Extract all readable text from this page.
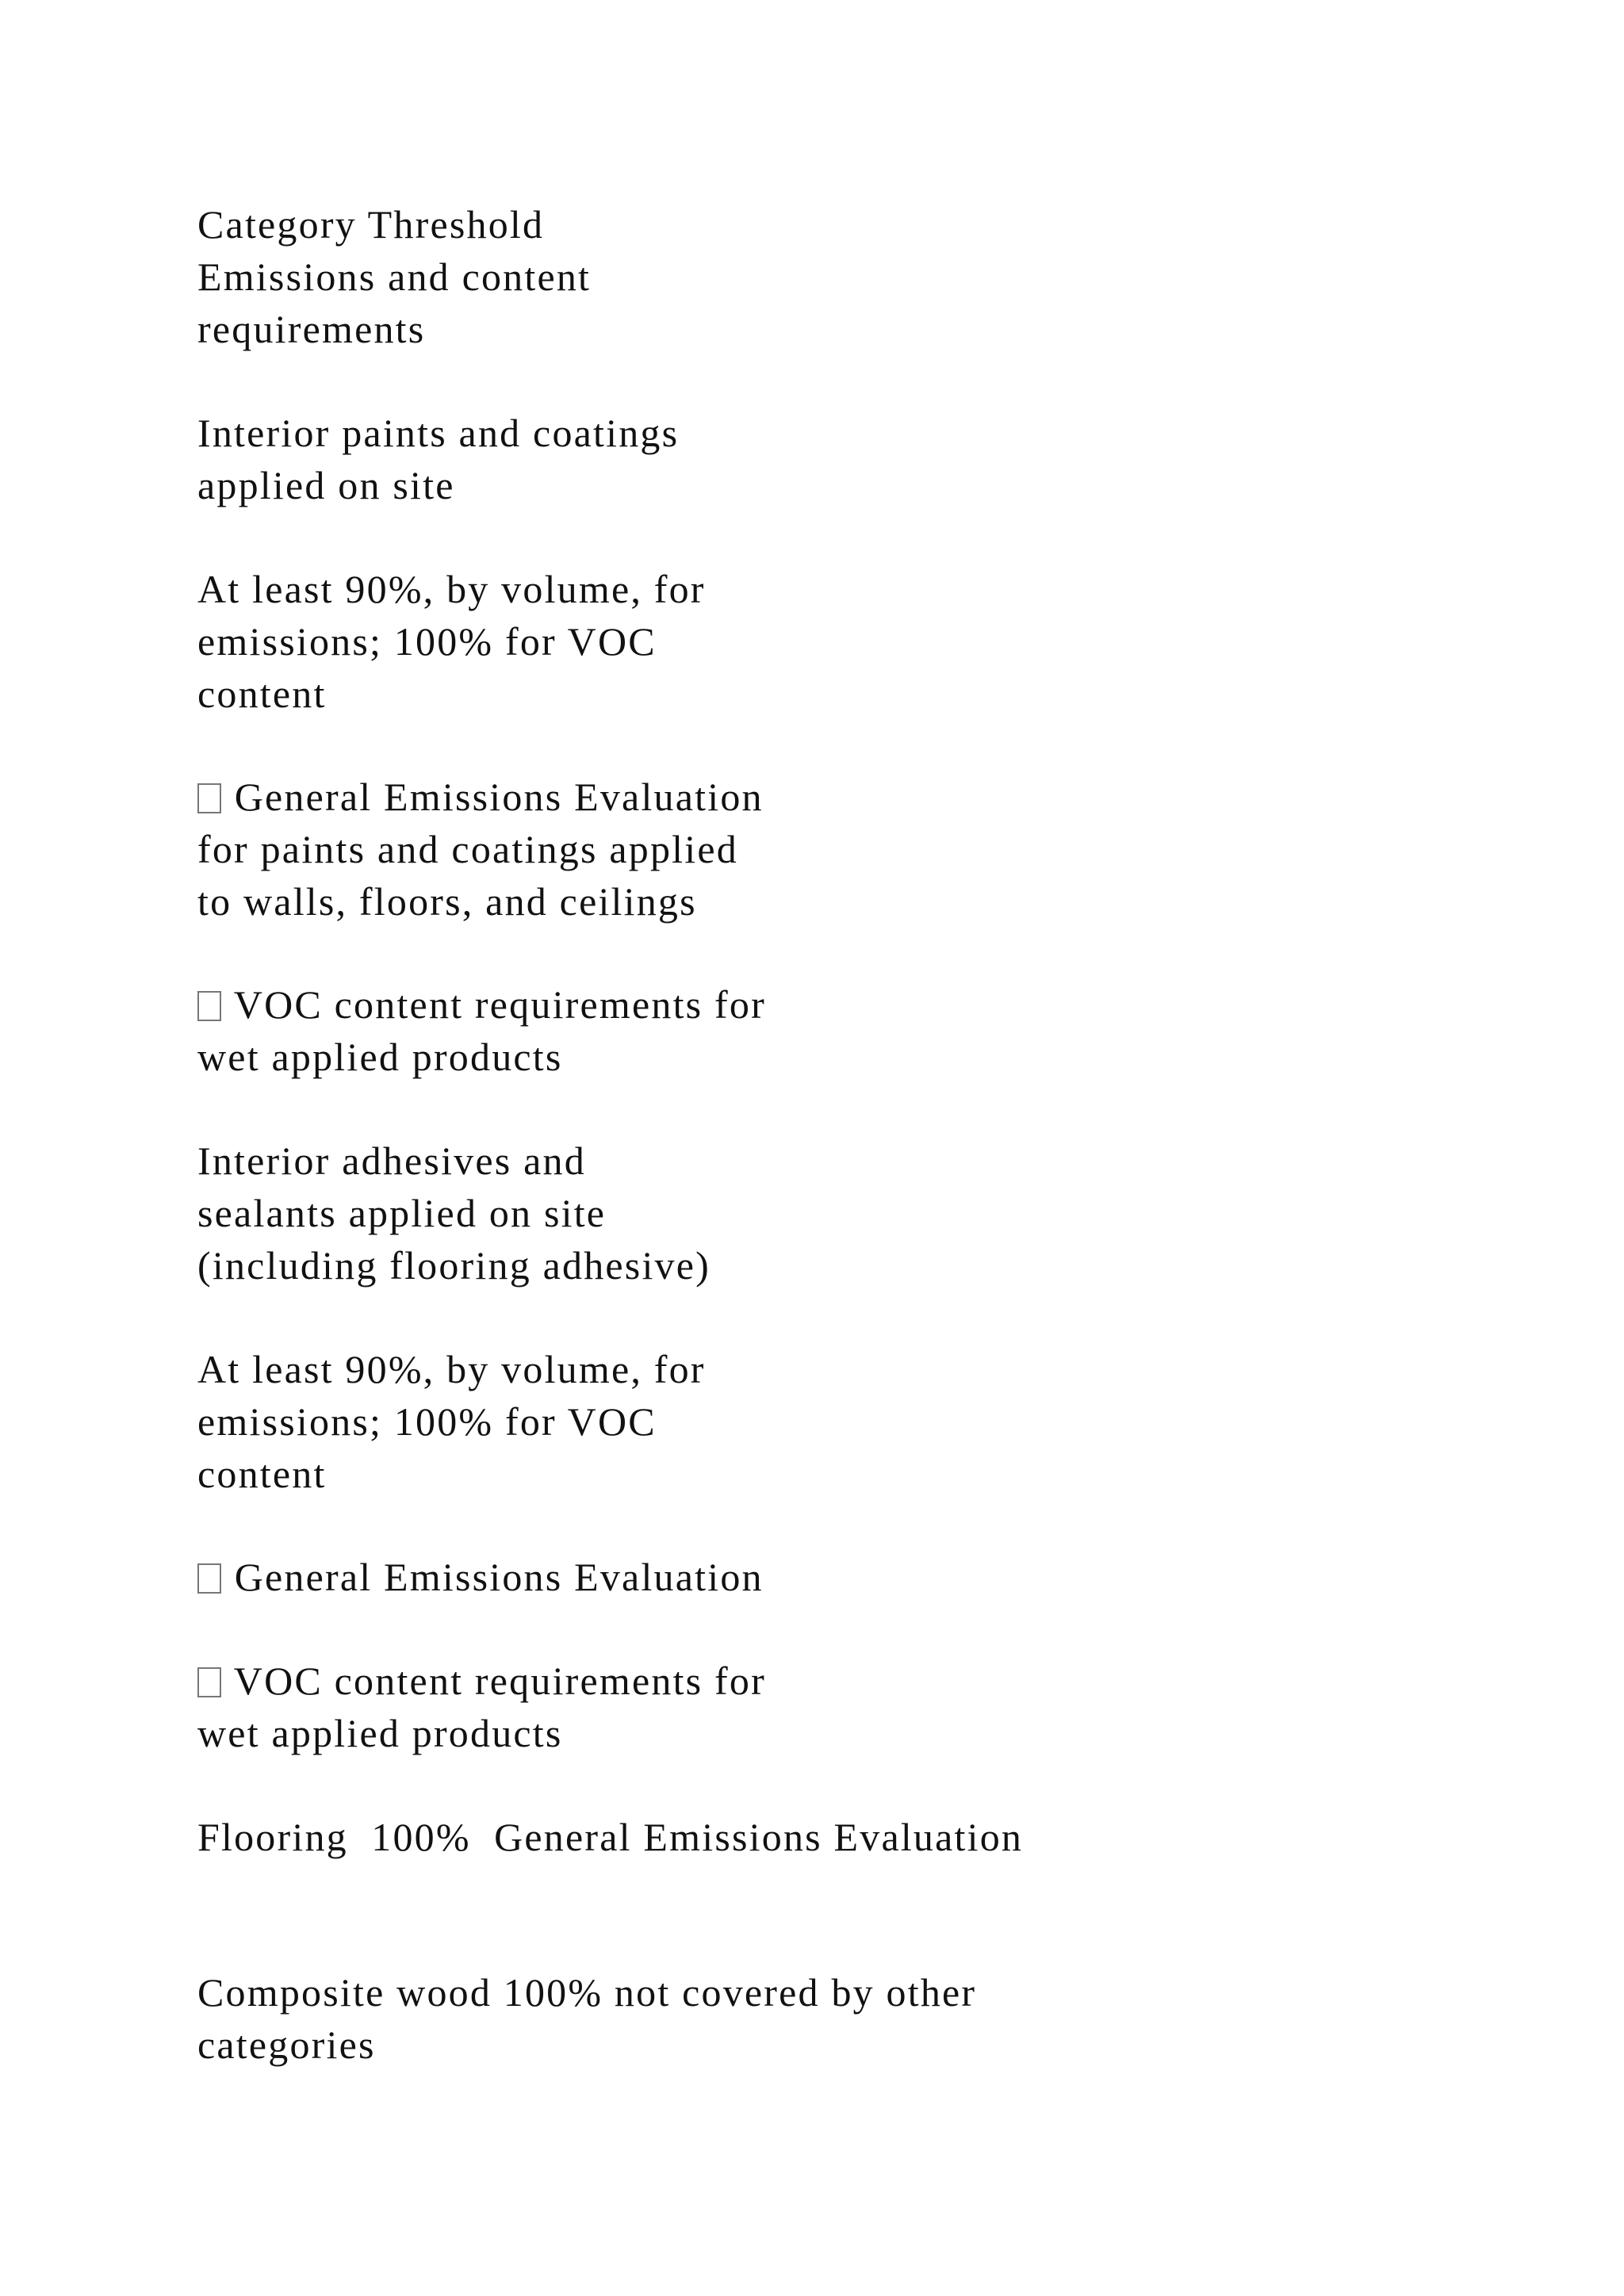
Category Threshold

Emissions and content

requirements

Interior paints and coatings

applied on site

At least 90%, by volume, for

emissions; 100% for VOC

content

General Emissions Evaluation

for paints and coatings applied

to walls, floors, and ceilings

VOC content requirements for

wet applied products

Interior adhesives and

sealants applied on site

(including flooring adhesive)

At least 90%, by volume, for

emissions; 100% for VOC

content

General Emissions Evaluation

VOC content requirements for

wet applied products

Flooring  100%  General Emissions Evaluation

Composite wood 100% not covered by other

categories
